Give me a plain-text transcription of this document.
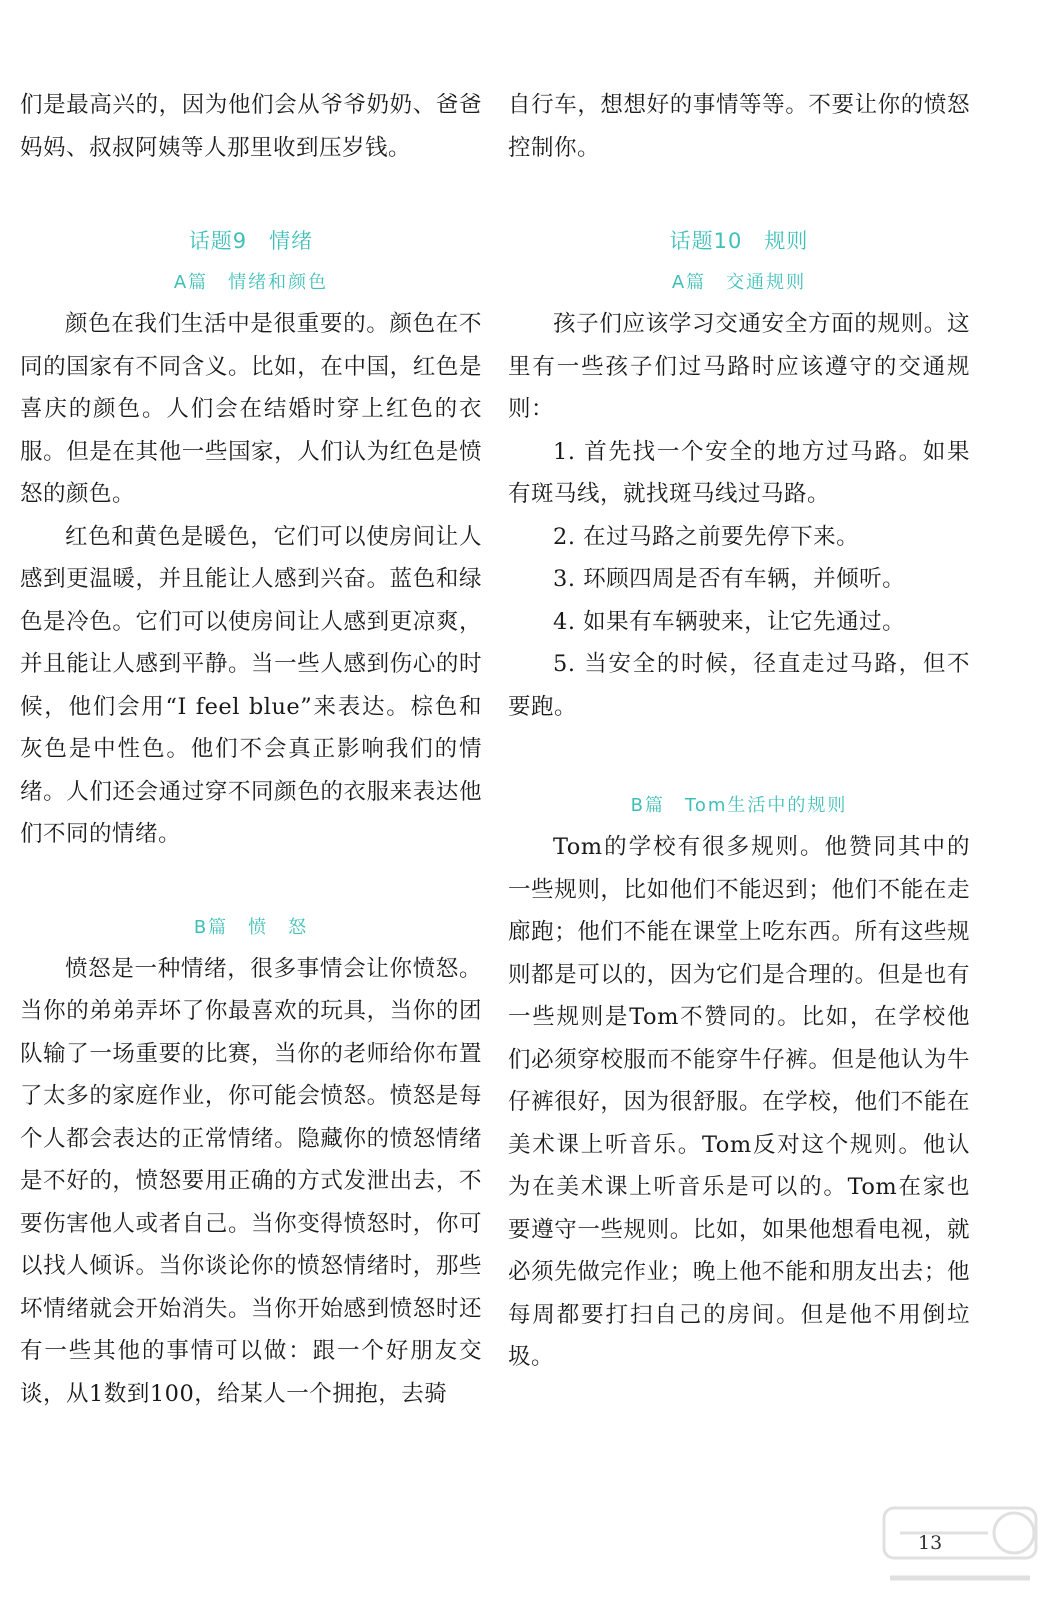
们是最高兴的，因为他们会从爷爷奶奶、爸爸妈妈、叔叔阿姨等人那里收到压岁钱。

话题9　情绪

A篇　情绪和颜色

颜色在我们生活中是很重要的。颜色在不同的国家有不同含义。比如，在中国，红色是喜庆的颜色。人们会在结婚时穿上红色的衣服。但是在其他一些国家，人们认为红色是愤怒的颜色。

红色和黄色是暖色，它们可以使房间让人感到更温暖，并且能让人感到兴奋。蓝色和绿色是冷色。它们可以使房间让人感到更凉爽，并且能让人感到平静。当一些人感到伤心的时候，他们会用“I feel blue”来表达。棕色和灰色是中性色。他们不会真正影响我们的情绪。人们还会通过穿不同颜色的衣服来表达他们不同的情绪。

B篇　愤　怒

愤怒是一种情绪，很多事情会让你愤怒。当你的弟弟弄坏了你最喜欢的玩具，当你的团队输了一场重要的比赛，当你的老师给你布置了太多的家庭作业，你可能会愤怒。愤怒是每个人都会表达的正常情绪。隐藏你的愤怒情绪是不好的，愤怒要用正确的方式发泄出去，不要伤害他人或者自己。当你变得愤怒时，你可以找人倾诉。当你谈论你的愤怒情绪时，那些坏情绪就会开始消失。当你开始感到愤怒时还有一些其他的事情可以做：跟一个好朋友交谈，从1数到100，给某人一个拥抱，去骑

自行车，想想好的事情等等。不要让你的愤怒控制你。

话题10　规则

A篇　交通规则

孩子们应该学习交通安全方面的规则。这里有一些孩子们过马路时应该遵守的交通规则：

1. 首先找一个安全的地方过马路。如果有斑马线，就找斑马线过马路。

2. 在过马路之前要先停下来。

3. 环顾四周是否有车辆，并倾听。

4. 如果有车辆驶来，让它先通过。

5. 当安全的时候，径直走过马路，但不要跑。

B篇　Tom生活中的规则

Tom的学校有很多规则。他赞同其中的一些规则，比如他们不能迟到；他们不能在走廊跑；他们不能在课堂上吃东西。所有这些规则都是可以的，因为它们是合理的。但是也有一些规则是Tom不赞同的。比如，在学校他们必须穿校服而不能穿牛仔裤。但是他认为牛仔裤很好，因为很舒服。在学校，他们不能在美术课上听音乐。Tom反对这个规则。他认为在美术课上听音乐是可以的。Tom在家也要遵守一些规则。比如，如果他想看电视，就必须先做完作业；晚上他不能和朋友出去；他每周都要打扫自己的房间。但是他不用倒垃圾。

13
